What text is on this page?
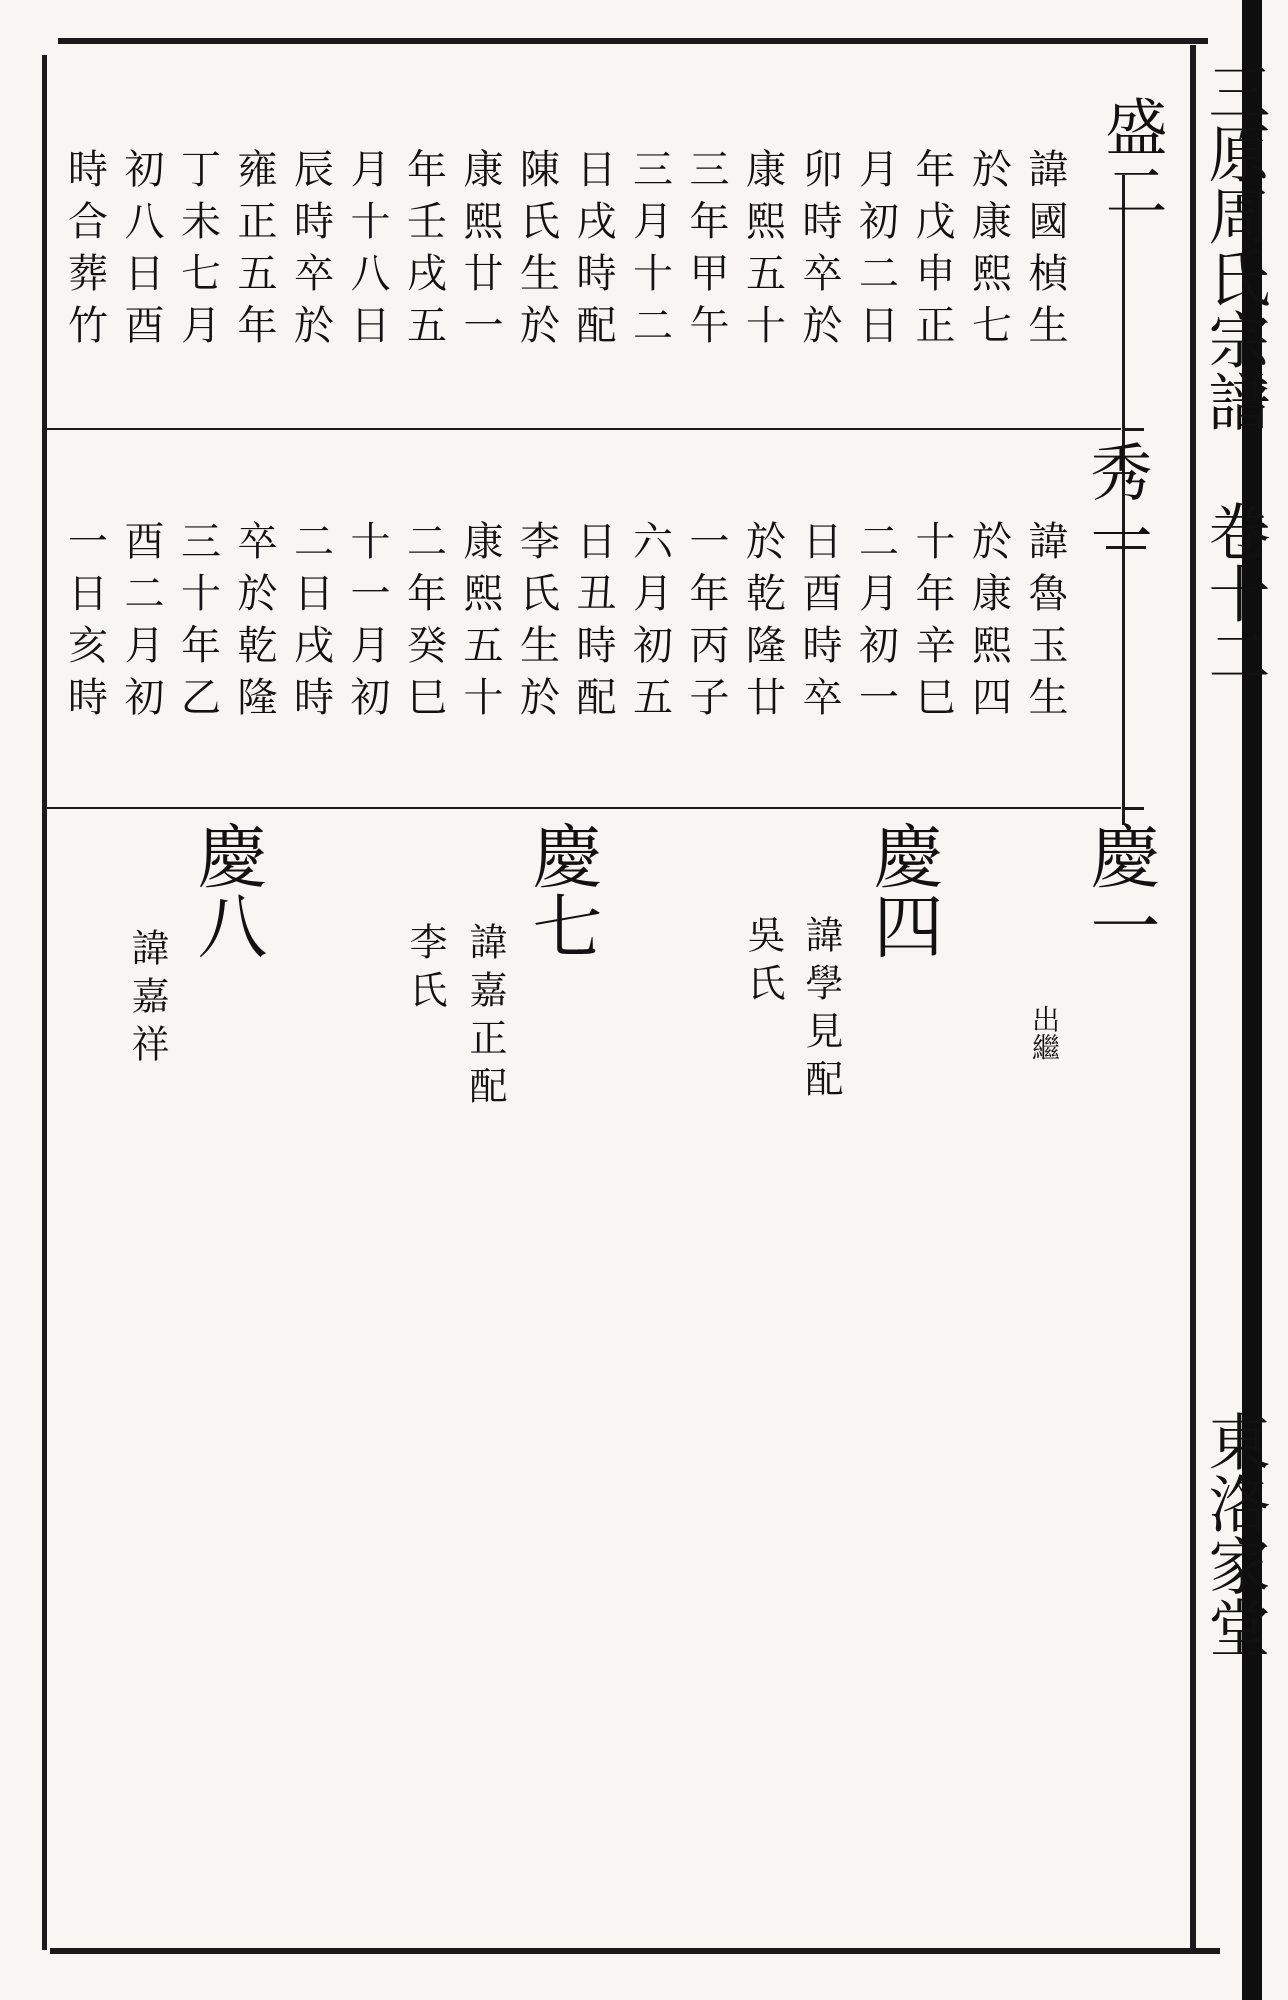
三原周氏宗譜
卷十二
東洛家堂
盛二
諱國楨生
於康熙七
年戊申正
月初二日
卯時卒於
康熙五十
三年甲午
三月十二
日戌時配
陳氏生於
康熙廿一
年壬戌五
月十八日
辰時卒於
雍正五年
丁未七月
初八日酉
時合葬竹
秀一
諱魯玉生
於康熙四
十年辛巳
二月初一
日酉時卒
於乾隆廿
一年丙子
六月初五
日丑時配
李氏生於
康熙五十
二年癸巳
十一月初
二日戌時
卒於乾隆
三十年乙
酉二月初
一日亥時
慶一
出繼
慶四
諱學見配
吳氏
慶七
諱嘉正配
李氏
慶八
諱嘉祥
